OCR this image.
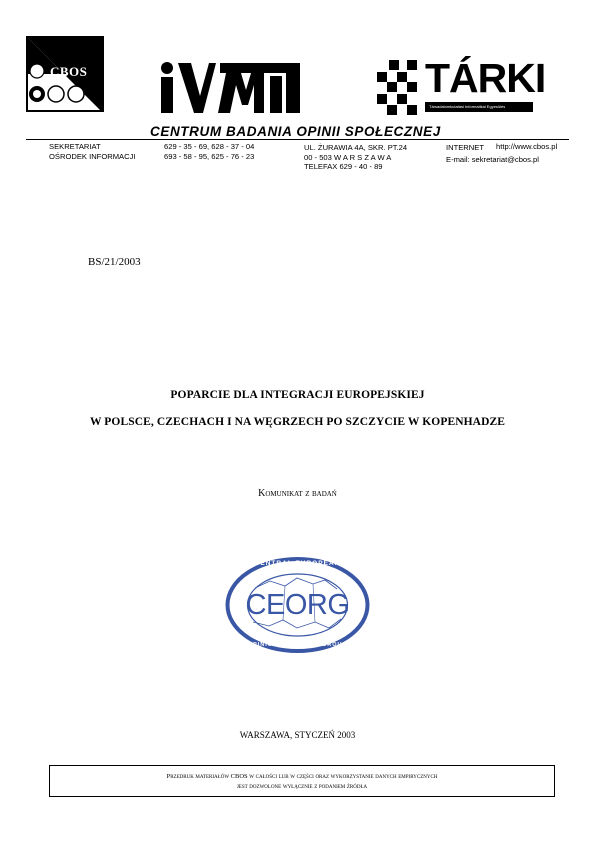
CBOS	TÁRKI
Társadalomkutatási Informatikai Egyesülés
CENTRUM BADANIA OPINII SPOŁECZNEJ
SEKRETARIAT
OŚRODEK INFORMACJI
629 - 35 - 69, 628 - 37 - 04
693 - 58 - 95, 625 - 76 - 23
UL. ŻURAWIA 4A, SKR. PT.24
00 - 503 W A R S Z A W A
TELEFAX 629 - 40 - 89
INTERNET http://www.cbos.pl
E-mail: sekretariat@cbos.pl
BS/21/2003
POPARCIE DLA INTEGRACJI EUROPEJSKIEJ
W POLSCE, CZECHACH I NA WĘGRZECH PO SZCZYCIE W KOPENHADZE
Komunikat z badań
CENTRAL EUROPEAN
CEORG
OPINION RESEARCH GROUP
WARSZAWA, STYCZEŃ 2003
Przedruk materiałów CBOS w całości lub w części oraz wykorzystanie danych empirycznych
jest dozwolone wyłącznie z podaniem źródła
